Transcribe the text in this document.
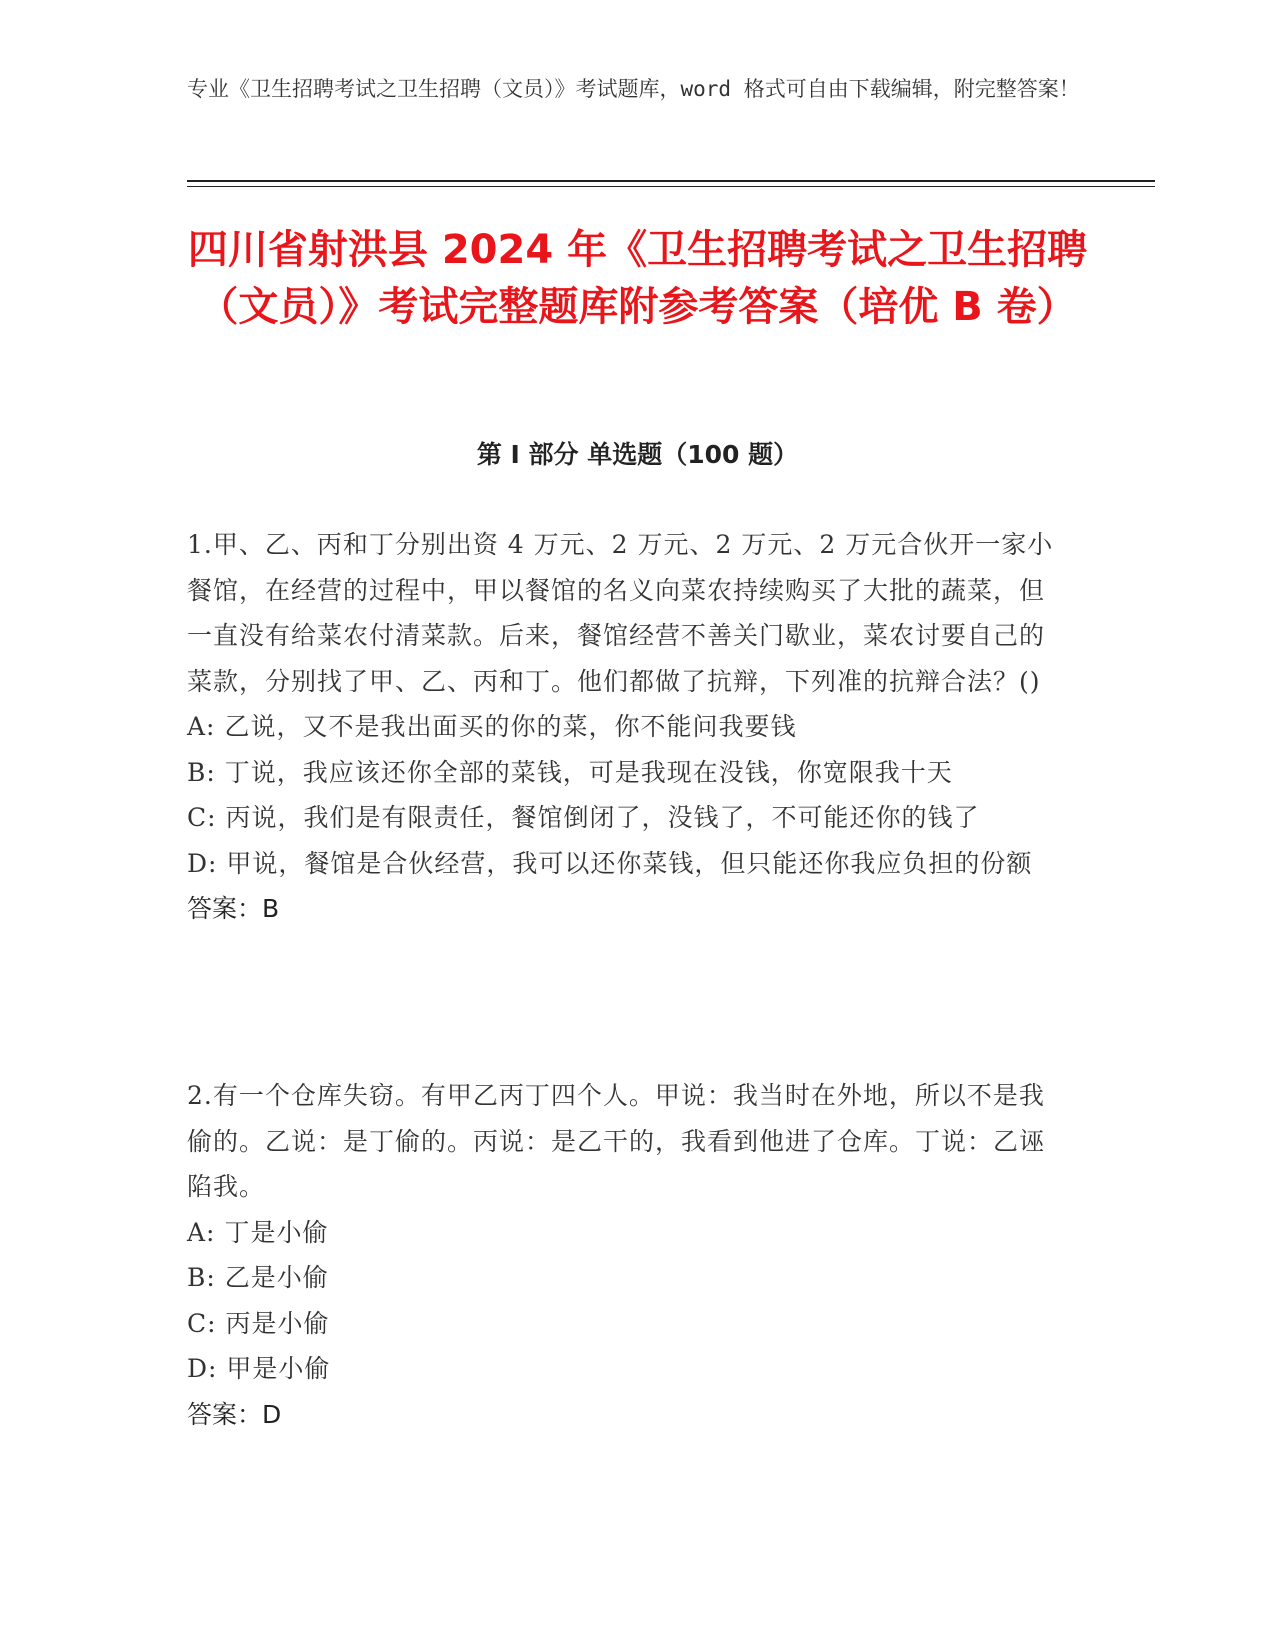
专业《卫生招聘考试之卫生招聘（文员）》考试题库，word 格式可自由下载编辑，附完整答案！
四川省射洪县 2024 年《卫生招聘考试之卫生招聘（文员）》考试完整题库附参考答案（培优 B 卷）
第 I 部分 单选题（100 题）
1.甲、乙、丙和丁分别出资 4 万元、2 万元、2 万元、2 万元合伙开一家小餐馆，在经营的过程中，甲以餐馆的名义向菜农持续购买了大批的蔬菜，但一直没有给菜农付清菜款。后来，餐馆经营不善关门歇业，菜农讨要自己的菜款，分别找了甲、乙、丙和丁。他们都做了抗辩，下列准的抗辩合法？()
A: 乙说，又不是我出面买的你的菜，你不能问我要钱
B: 丁说，我应该还你全部的菜钱，可是我现在没钱，你宽限我十天
C: 丙说，我们是有限责任，餐馆倒闭了，没钱了，不可能还你的钱了
D: 甲说，餐馆是合伙经营，我可以还你菜钱，但只能还你我应负担的份额
答案：B
2.有一个仓库失窃。有甲乙丙丁四个人。甲说：我当时在外地，所以不是我偷的。乙说：是丁偷的。丙说：是乙干的，我看到他进了仓库。丁说：乙诬陷我。
A: 丁是小偷
B: 乙是小偷
C: 丙是小偷
D: 甲是小偷
答案：D
